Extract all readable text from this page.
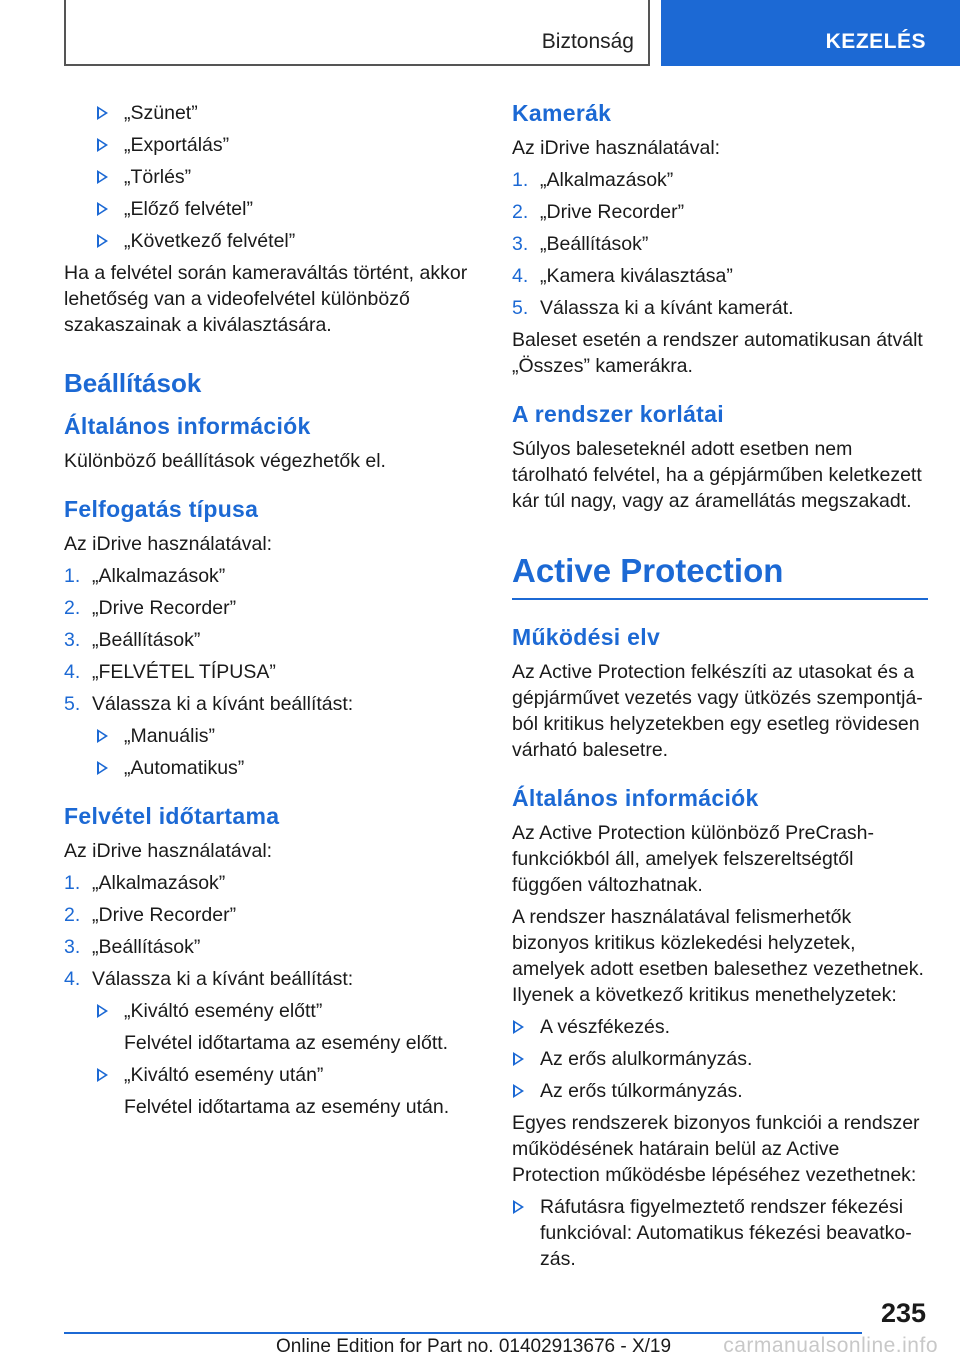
Biztonság	KEZELÉS
„Szünet”
„Exportálás”
„Törlés”
„Előző felvétel”
„Következő felvétel”

Ha a felvétel során kameraváltás történt, akkor lehetőség van a videofelvétel különböző szakaszainak a kiválasztására.

Beállítások
Általános információk

Különböző beállítások végezhetők el.

Felfogatás típusa

Az iDrive használatával:

1. „Alkalmazások”
2. „Drive Recorder”
3. „Beállítások”
4. „FELVÉTEL TÍPUSA”
5. Válassza ki a kívánt beállítást:
„Manuális”
„Automatikus”
Felvétel időtartama

Az iDrive használatával:

1. „Alkalmazások”
2. „Drive Recorder”
3. „Beállítások”
4. Válassza ki a kívánt beállítást:
„Kiváltó esemény előtt”
Felvétel időtartama az esemény előtt.
„Kiváltó esemény után”
Felvétel időtartama az esemény után.
Kamerák

Az iDrive használatával:

1. „Alkalmazások”
2. „Drive Recorder”
3. „Beállítások”
4. „Kamera kiválasztása”
5. Válassza ki a kívánt kamerát.

Baleset esetén a rendszer automatikusan átvált „Összes” kamerákra.

A rendszer korlátai

Súlyos baleseteknél adott esetben nem tárolható felvétel, ha a gépjárműben keletkezett kár túl nagy, vagy az áramellátás megszakadt.

Active Protection
Működési elv

Az Active Protection felkészíti az utasokat és a gépjárművet vezetés vagy ütközés szempontjából kritikus helyzetekben egy esetleg rövidesen várható balesetre.

Általános információk

Az Active Protection különböző PreCrash-funkciókból áll, amelyek felszereltségtől függően változhatnak.

A rendszer használatával felismerhetők bizonyos kritikus közlekedési helyzetek, amelyek adott esetben balesethez vezethetnek. Ilyenek a következő kritikus menethelyzetek:

A vészfékezés.
Az erős alulkormányzás.
Az erős túlkormányzás.

Egyes rendszerek bizonyos funkciói a rendszer működésének határain belül az Active Protection működésbe lépéséhez vezethetnek:

Ráfutásra figyelmeztető rendszer fékezési funkcióval: Automatikus fékezési beavatkozás.
235
Online Edition for Part no. 01402913676 - X/19 carmanualsonline.info
